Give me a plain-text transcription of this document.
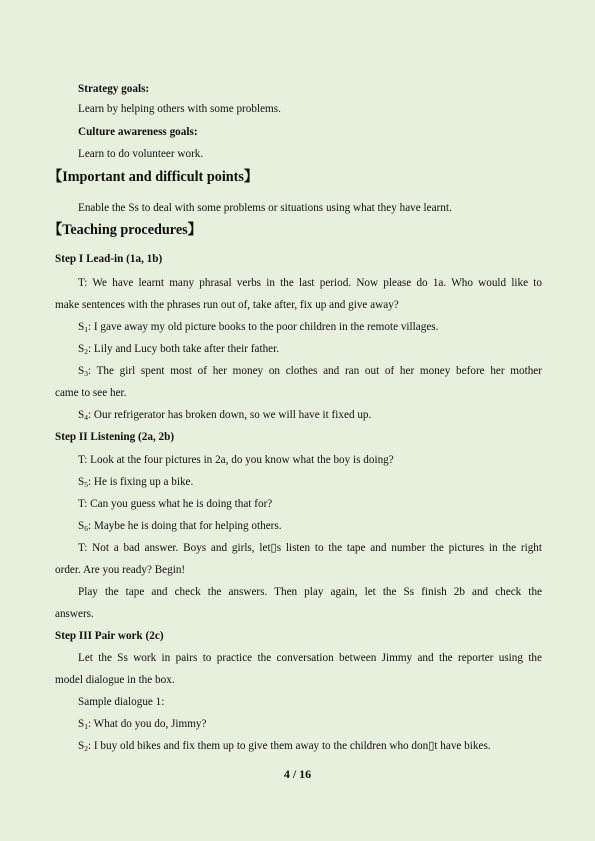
Strategy goals:
Learn by helping others with some problems.
Culture awareness goals:
Learn to do volunteer work.
【Important and difficult points】
Enable the Ss to deal with some problems or situations using what they have learnt.
【Teaching procedures】
Step I Lead-in (1a, 1b)
T: We have learnt many phrasal verbs in the last period. Now please do 1a. Who would like to
make sentences with the phrases run out of, take after, fix up and give away?
$S_1$: I gave away my old picture books to the poor children in the remote villages.
$S_2$: Lily and Lucy both take after their father.
$S_3$: The girl spent most of her money on clothes and ran out of her money before her mother
came to see her.
$S_4$: Our refrigerator has broken down, so we will have it fixed up.
Step II Listening (2a, 2b)
T: Look at the four pictures in 2a, do you know what the boy is doing?
$S_5$: He is fixing up a bike.
T: Can you guess what he is doing that for?
$S_6$: Maybe he is doing that for helping others.
T: Not a bad answer. Boys and girls, let▯s listen to the tape and number the pictures in the right
order. Are you ready? Begin!
Play the tape and check the answers. Then play again, let the Ss finish 2b and check the
answers.
Step III Pair work (2c)
Let the Ss work in pairs to practice the conversation between Jimmy and the reporter using the
model dialogue in the box.
Sample dialogue 1:
$S_1$: What do you do, Jimmy?
$S_2$: I buy old bikes and fix them up to give them away to the children who don▯t have bikes.
4 / 16
